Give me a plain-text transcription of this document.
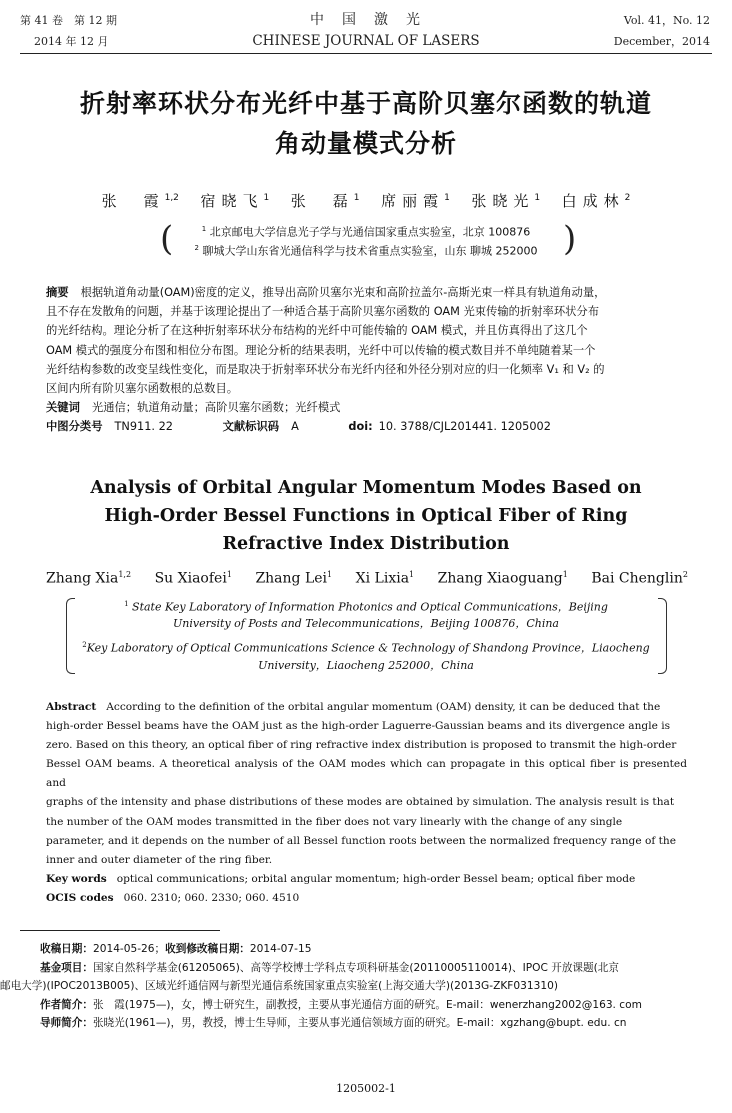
第 41 卷　第 12 期
2014 年 12 月
中　国　激　光
CHINESE JOURNAL OF LASERS
Vol. 41，No. 12
December，2014
折射率环状分布光纤中基于高阶贝塞尔函数的轨道
角动量模式分析
张　霞$^{1,2}$ 宿晓飞$^1$ 张　磊$^1$ 席丽霞$^1$ 张晓光$^1$ 白成林$^2$
(	)
$^1$ 北京邮电大学信息光子学与光通信国家重点实验室，北京 100876
$^2$ 聊城大学山东省光通信科学与技术省重点实验室，山东 聊城 252000
摘要 根据轨道角动量(OAM)密度的定义，推导出高阶贝塞尔光束和高阶拉盖尔-高斯光束一样具有轨道角动量，
且不存在发散角的问题，并基于该理论提出了一种适合基于高阶贝塞尔函数的 OAM 光束传输的折射率环状分布
的光纤结构。理论分析了在这种折射率环状分布结构的光纤中可能传输的 OAM 模式，并且仿真得出了这几个
OAM 模式的强度分布图和相位分布图。理论分析的结果表明，光纤中可以传输的模式数目并不单纯随着某一个
光纤结构参数的改变呈线性变化，而是取决于折射率环状分布光纤内径和外径分别对应的归一化频率 V₁ 和 V₂ 的
区间内所有阶贝塞尔函数根的总数目。
关键词 光通信；轨道角动量；高阶贝塞尔函数；光纤模式
中图分类号 TN911. 22	文献标识码 A	doi: 10. 3788/CJL201441. 1205002
Analysis of Orbital Angular Momentum Modes Based on
High-Order Bessel Functions in Optical Fiber of Ring
Refractive Index Distribution
Zhang Xia$^{1,2}$ Su Xiaofei$^1$ Zhang Lei$^1$ Xi Lixia$^1$ Zhang Xiaoguang$^1$ Bai Chenglin$^2$
$^1$ State Key Laboratory of Information Photonics and Optical Communications，Beijing
University of Posts and Telecommunications，Beijing 100876，China
$^2$Key Laboratory of Optical Communications Science & Technology of Shandong Province，Liaocheng
University，Liaocheng 252000，China
Abstract According to the definition of the orbital angular momentum (OAM) density, it can be deduced that the
high-order Bessel beams have the OAM just as the high-order Laguerre-Gaussian beams and its divergence angle is
zero. Based on this theory, an optical fiber of ring refractive index distribution is proposed to transmit the high-order
Bessel OAM beams. A theoretical analysis of the OAM modes which can propagate in this optical fiber is presented and
graphs of the intensity and phase distributions of these modes are obtained by simulation. The analysis result is that
the number of the OAM modes transmitted in the fiber does not vary linearly with the change of any single
parameter, and it depends on the number of all Bessel function roots between the normalized frequency range of the
inner and outer diameter of the ring fiber.
Key words optical communications; orbital angular momentum; high-order Bessel beam; optical fiber mode
OCIS codes 060. 2310; 060. 2330; 060. 4510
收稿日期：2014-05-26；收到修改稿日期：2014-07-15
基金项目：国家自然科学基金(61205065)、高等学校博士学科点专项科研基金(20110005110014)、IPOC 开放课题(北京
邮电大学)(IPOC2013B005)、区域光纤通信网与新型光通信系统国家重点实验室(上海交通大学)(2013G-ZKF031310)
作者简介：张　霞(1975—)，女，博士研究生，副教授，主要从事光通信方面的研究。E-mail：wenerzhang2002@163. com
导师简介：张晓光(1961—)，男，教授，博士生导师，主要从事光通信领域方面的研究。E-mail：xgzhang@bupt. edu. cn
1205002-1
